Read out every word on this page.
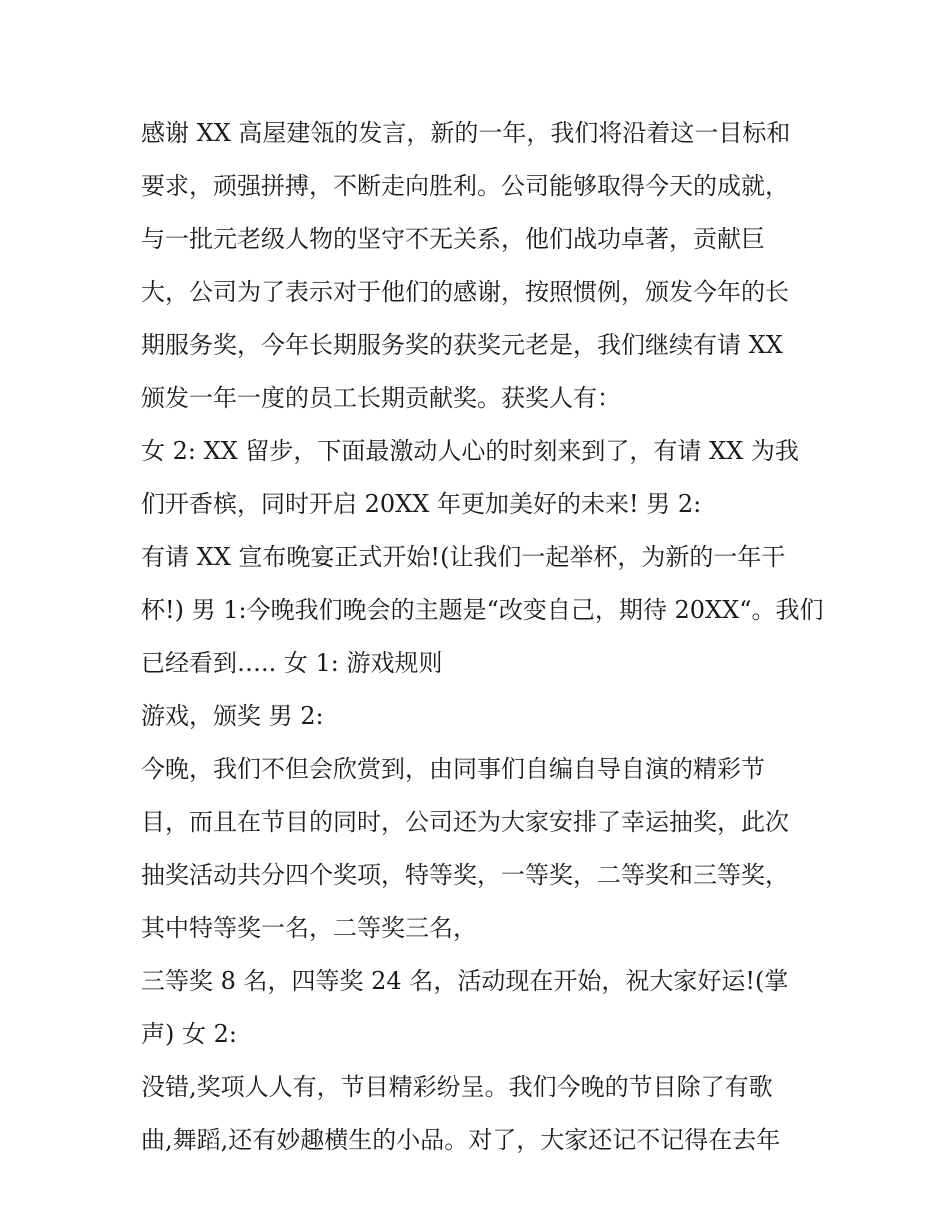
感谢 XX 高屋建瓴的发言，新的一年，我们将沿着这一目标和
要求，顽强拼搏，不断走向胜利。公司能够取得今天的成就，
与一批元老级人物的坚守不无关系，他们战功卓著，贡献巨
大，公司为了表示对于他们的感谢，按照惯例，颁发今年的长
期服务奖，今年长期服务奖的获奖元老是，我们继续有请 XX
颁发一年一度的员工长期贡献奖。获奖人有：
女 2: XX 留步，下面最激动人心的时刻来到了，有请 XX 为我
们开香槟，同时开启 20XX 年更加美好的未来! 男 2:
有请 XX 宣布晚宴正式开始!(让我们一起举杯，为新的一年干
杯!) 男 1:今晚我们晚会的主题是“改变自己，期待 20XX“。我们
已经看到….. 女 1: 游戏规则
游戏，颁奖 男 2:
今晚，我们不但会欣赏到，由同事们自编自导自演的精彩节
目，而且在节目的同时，公司还为大家安排了幸运抽奖，此次
抽奖活动共分四个奖项，特等奖，一等奖，二等奖和三等奖，
其中特等奖一名，二等奖三名，
三等奖 8 名，四等奖 24 名，活动现在开始，祝大家好运!(掌
声) 女 2:
没错,奖项人人有，节目精彩纷呈。我们今晚的节目除了有歌
曲,舞蹈,还有妙趣横生的小品。对了，大家还记不记得在去年
